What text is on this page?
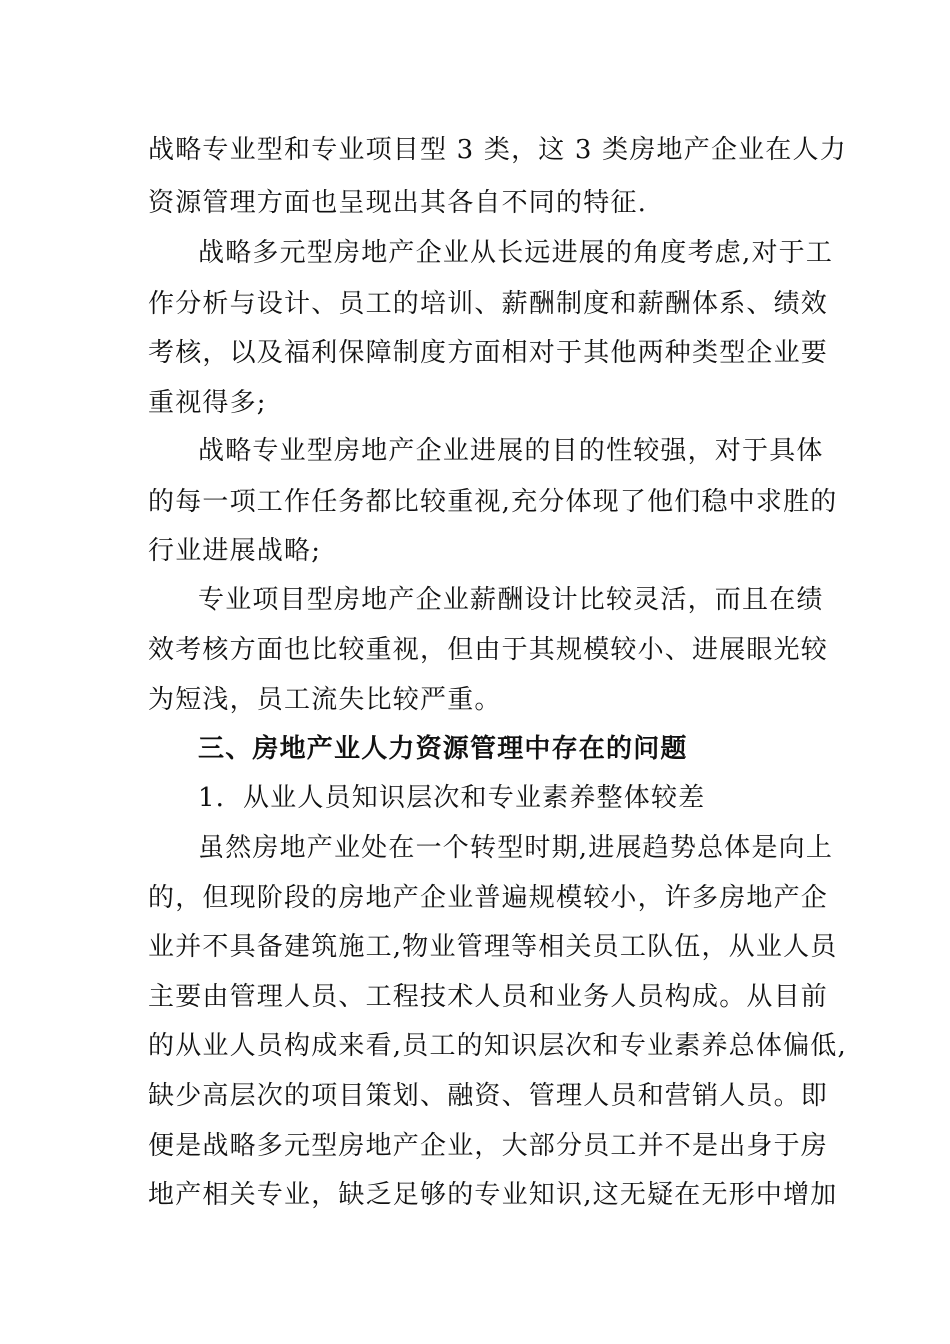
战略专业型和专业项目型 3 类，这 3 类房地产企业在人力
资源管理方面也呈现出其各自不同的特征.
战略多元型房地产企业从长远进展的角度考虑,对于工
作分析与设计、员工的培训、薪酬制度和薪酬体系、绩效
考核，以及福利保障制度方面相对于其他两种类型企业要
重视得多;
战略专业型房地产企业进展的目的性较强，对于具体
的每一项工作任务都比较重视,充分体现了他们稳中求胜的
行业进展战略;
专业项目型房地产企业薪酬设计比较灵活，而且在绩
效考核方面也比较重视，但由于其规模较小、进展眼光较
为短浅，员工流失比较严重。
三、房地产业人力资源管理中存在的问题
1．从业人员知识层次和专业素养整体较差
虽然房地产业处在一个转型时期,进展趋势总体是向上
的，但现阶段的房地产企业普遍规模较小，许多房地产企
业并不具备建筑施工,物业管理等相关员工队伍，从业人员
主要由管理人员、工程技术人员和业务人员构成。从目前
的从业人员构成来看,员工的知识层次和专业素养总体偏低,
缺少高层次的项目策划、融资、管理人员和营销人员。即
便是战略多元型房地产企业，大部分员工并不是出身于房
地产相关专业，缺乏足够的专业知识,这无疑在无形中增加
